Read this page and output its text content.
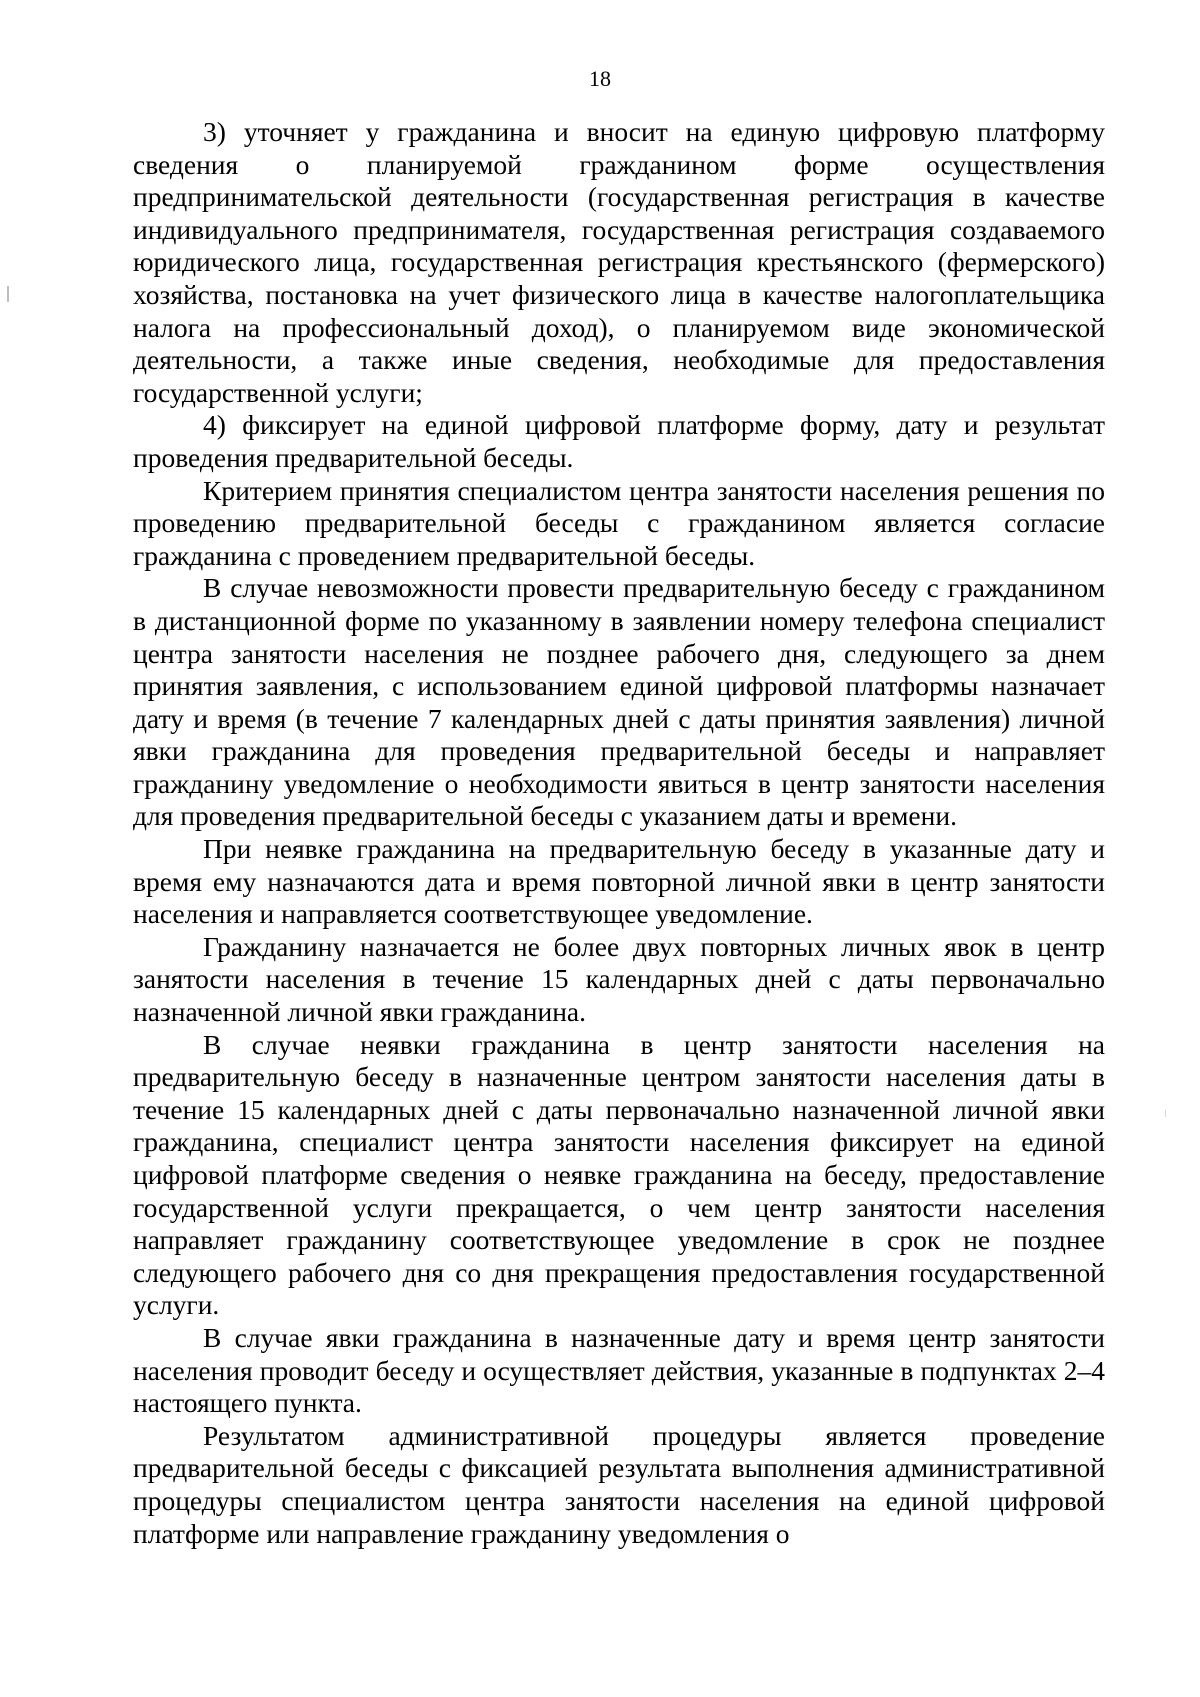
18

3) уточняет у гражданина и вносит на единую цифровую платформу сведения о планируемой гражданином форме осуществления предпринимательской деятельности (государственная регистрация в качестве индивидуального предпринимателя, государственная регистрация создаваемого юридического лица, государственная регистрация крестьянского (фермерского) хозяйства, постановка на учет физического лица в качестве налогоплательщика налога на профессиональный доход), о планируемом виде экономической деятельности, а также иные сведения, необходимые для предоставления государственной услуги;

4) фиксирует на единой цифровой платформе форму, дату и результат проведения предварительной беседы.

Критерием принятия специалистом центра занятости населения решения по проведению предварительной беседы с гражданином является согласие гражданина с проведением предварительной беседы.

В случае невозможности провести предварительную беседу с гражданином в дистанционной форме по указанному в заявлении номеру телефона специалист центра занятости населения не позднее рабочего дня, следующего за днем принятия заявления, с использованием единой цифровой платформы назначает дату и время (в течение 7 календарных дней с даты принятия заявления) личной явки гражданина для проведения предварительной беседы и направляет гражданину уведомление о необходимости явиться в центр занятости населения для проведения предварительной беседы с указанием даты и времени.

При неявке гражданина на предварительную беседу в указанные дату и время ему назначаются дата и время повторной личной явки в центр занятости населения и направляется соответствующее уведомление.

Гражданину назначается не более двух повторных личных явок в центр занятости населения в течение 15 календарных дней с даты первоначально назначенной личной явки гражданина.

В случае неявки гражданина в центр занятости населения на предварительную беседу в назначенные центром занятости населения даты в течение 15 календарных дней с даты первоначально назначенной личной явки гражданина, специалист центра занятости населения фиксирует на единой цифровой платформе сведения о неявке гражданина на беседу, предоставление государственной услуги прекращается, о чем центр занятости населения направляет гражданину соответствующее уведомление в срок не позднее следующего рабочего дня со дня прекращения предоставления государственной услуги.

В случае явки гражданина в назначенные дату и время центр занятости населения проводит беседу и осуществляет действия, указанные в подпунктах 2–4 настоящего пункта.

Результатом административной процедуры является проведение предварительной беседы с фиксацией результата выполнения административной процедуры специалистом центра занятости населения на единой цифровой платформе или направление гражданину уведомления о
